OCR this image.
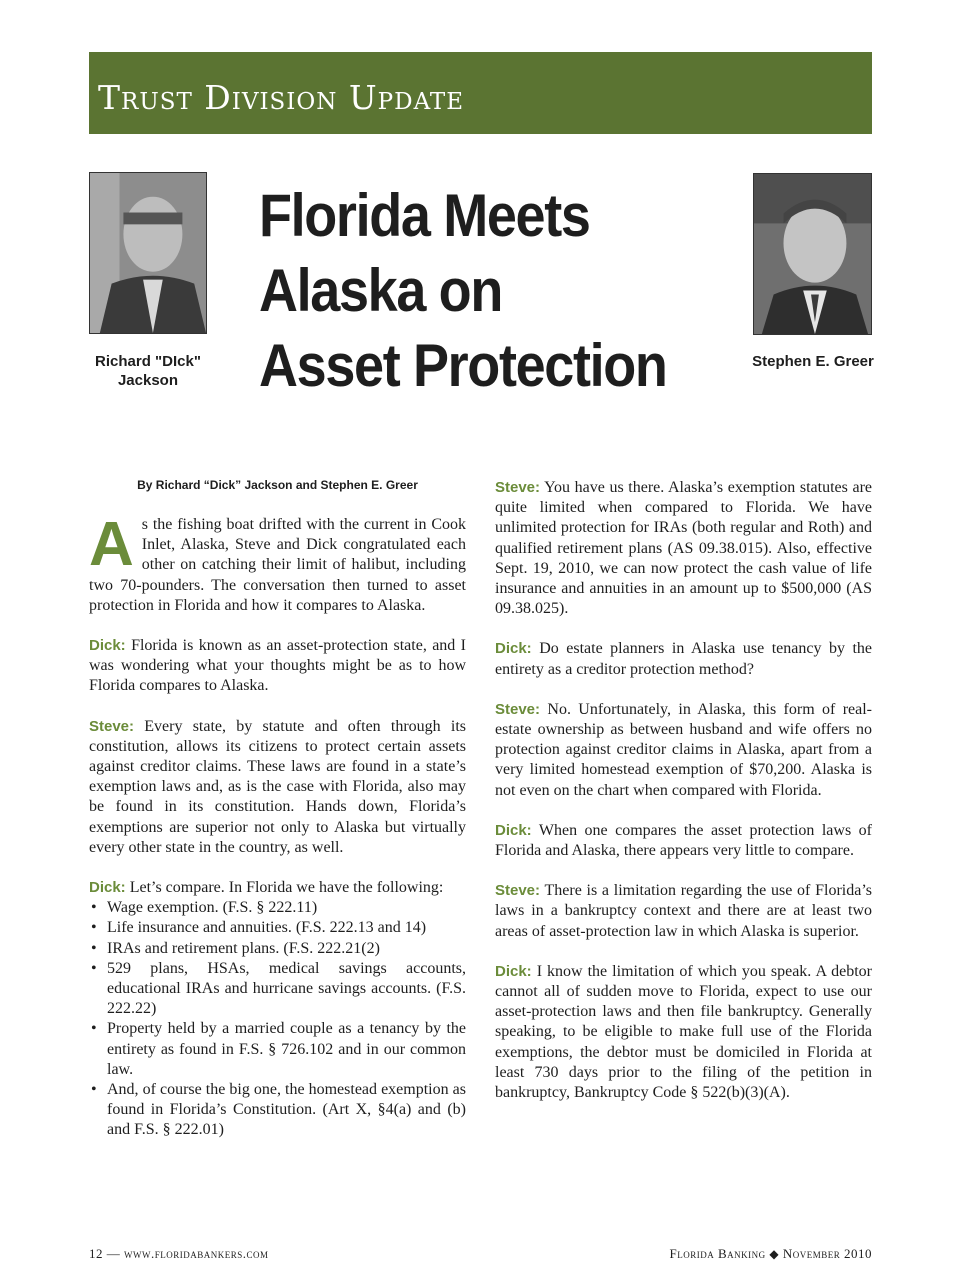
Trust Division Update
Richard "DIck"
Jackson
Florida Meets
Alaska on
Asset Protection	Stephen E. Greer
By Richard “Dick” Jackson and Stephen E. Greer
As the fishing boat drifted with the current in Cook Inlet, Alaska, Steve and Dick congratulated each other on catching their limit of halibut, including two 70-pounders. The conversation then turned to asset protection in Florida and how it compares to Alaska.
Dick: Florida is known as an asset-protection state, and I was wondering what your thoughts might be as to how Florida compares to Alaska.
Steve: Every state, by statute and often through its constitution, allows its citizens to protect certain assets against creditor claims. These laws are found in a state’s exemption laws and, as is the case with Florida, also may be found in its constitution. Hands down, Florida’s exemptions are superior not only to Alaska but virtually every other state in the country, as well.
Dick: Let’s compare. In Florida we have the following:
• Wage exemption. (F.S. § 222.11)
• Life insurance and annuities. (F.S. 222.13 and 14)
• IRAs and retirement plans. (F.S. 222.21(2)
• 529 plans, HSAs, medical savings accounts, educational IRAs and hurricane savings accounts. (F.S. 222.22)
• Property held by a married couple as a tenancy by the entirety as found in F.S. § 726.102 and in our common law.
• And, of course the big one, the homestead exemption as found in Florida’s Constitution. (Art X, §4(a) and (b) and F.S. § 222.01)
Steve: You have us there. Alaska’s exemption statutes are quite limited when compared to Florida. We have unlimited protection for IRAs (both regular and Roth) and qualified retirement plans (AS 09.38.015). Also, effective Sept. 19, 2010, we can now protect the cash value of life insurance and annuities in an amount up to $500,000 (AS 09.38.025).
Dick: Do estate planners in Alaska use tenancy by the entirety as a creditor protection method?
Steve: No. Unfortunately, in Alaska, this form of real-estate ownership as between husband and wife offers no protection against creditor claims in Alaska, apart from a very limited homestead exemption of $70,200. Alaska is not even on the chart when compared with Florida.
Dick: When one compares the asset protection laws of Florida and Alaska, there appears very little to compare.
Steve: There is a limitation regarding the use of Florida’s laws in a bankruptcy context and there are at least two areas of asset-protection law in which Alaska is superior.
Dick: I know the limitation of which you speak. A debtor cannot all of sudden move to Florida, expect to use our asset-protection laws and then file bankruptcy. Generally speaking, to be eligible to make full use of the Florida exemptions, the debtor must be domiciled in Florida at least 730 days prior to the filing of the petition in bankruptcy, Bankruptcy Code § 522(b)(3)(A).
12 — www.floridabankers.com	Florida Banking ◆ November 2010
